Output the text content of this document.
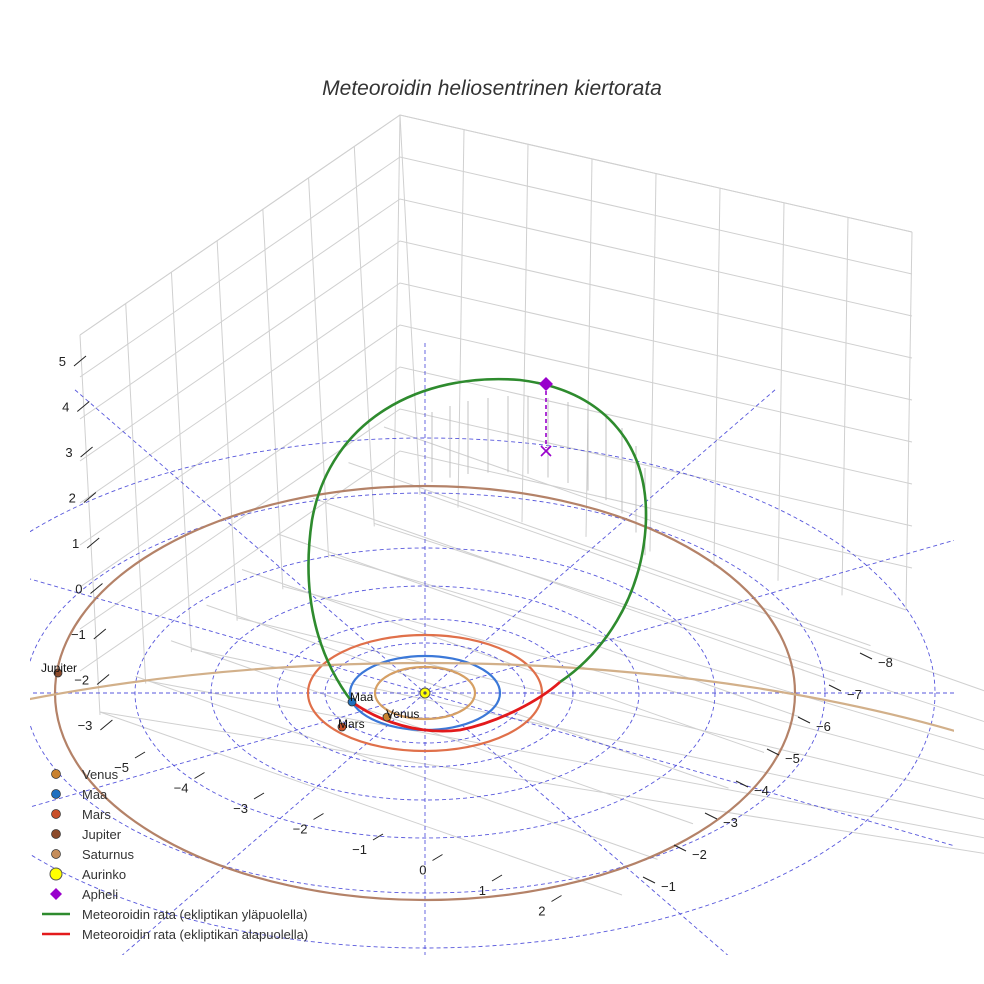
Meteoroidin heliosentrinen kiertorata
Venus
Maa
Mars
Jupiter
5
4
3
2
1
0
−1
−2
−3
−5
−4
−3
−2
−1
0
1
2
−8
−7
−6
−5
−4
−3
−2
−1
Venus
Maa
Mars
Jupiter
Saturnus
Aurinko
Apheli
Meteoroidin rata (ekliptikan yläpuolella)
Meteoroidin rata (ekliptikan alapuolella)
